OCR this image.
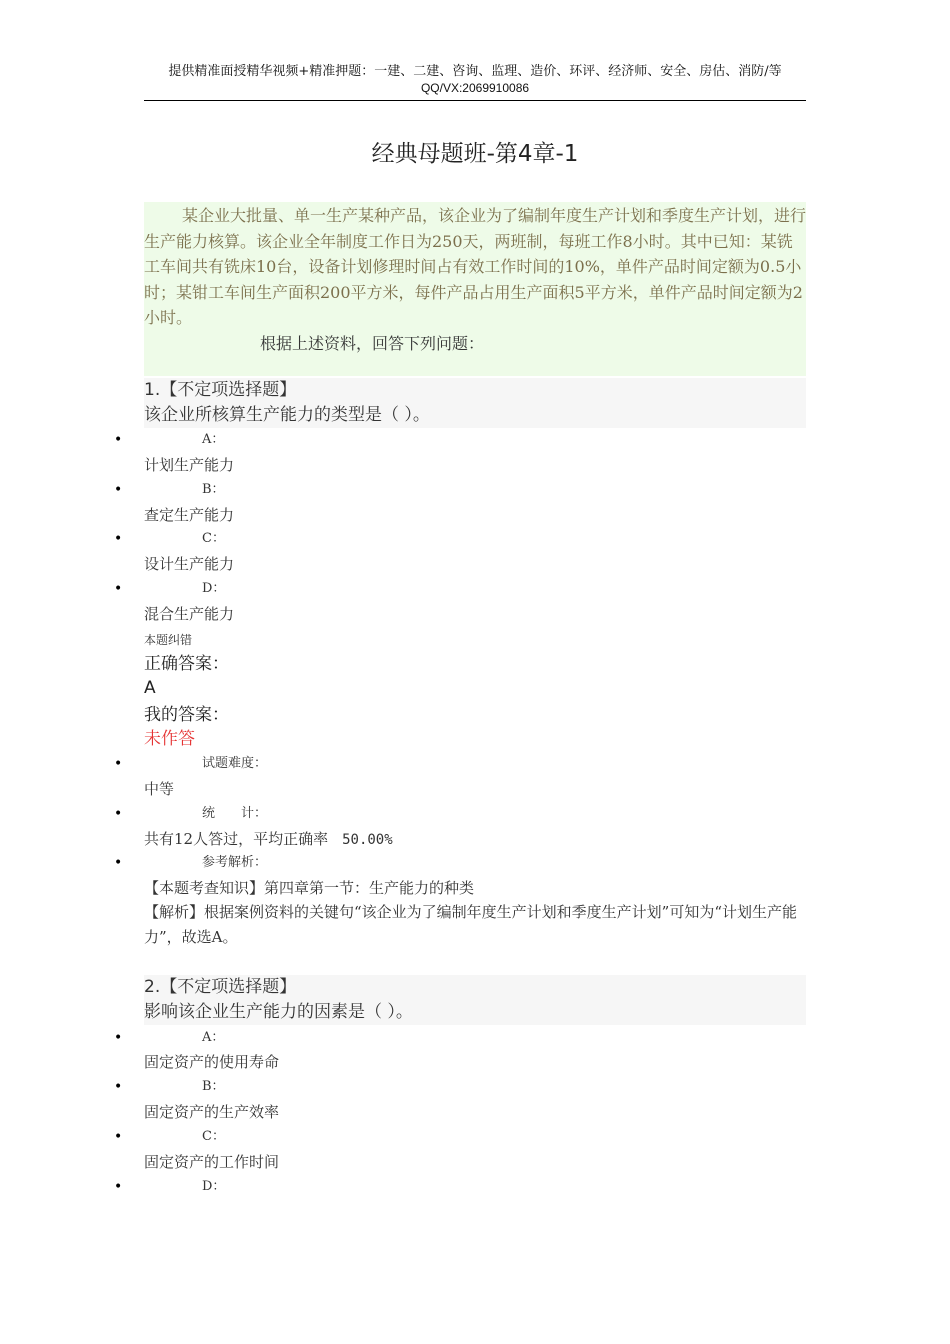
提供精准面授精华视频+精准押题：一建、二建、咨询、监理、造价、环评、经济师、安全、房估、消防/等
QQ/VX:2069910086
经典母题班-第4章-1

某企业大批量、单一生产某种产品，该企业为了编制年度生产计划和季度生产计划，进行生产能力核算。该企业全年制度工作日为250天，两班制，每班工作8小时。其中已知：某铣工车间共有铣床10台，设备计划修理时间占有效工作时间的10%，单件产品时间定额为0.5小时；某钳工车间生产面积200平方米，每件产品占用生产面积5平方米，单件产品时间定额为2小时。

根据上述资料，回答下列问题：

1.【不定项选择题】
该企业所核算生产能力的类型是（ ）。
•	A：
计划生产能力
•	B：
查定生产能力
•	C：
设计生产能力
•	D：
混合生产能力
本题纠错
正确答案：
A
我的答案：
未作答
•	试题难度：
中等
•	统　　计：
共有12人答过，平均正确率 50.00%
•	参考解析：
【本题考查知识】第四章第一节：生产能力的种类
【解析】根据案例资料的关键句“该企业为了编制年度生产计划和季度生产计划”可知为“计划生产能力”，故选A。
2.【不定项选择题】
影响该企业生产能力的因素是（ ）。
•	A：
固定资产的使用寿命
•	B：
固定资产的生产效率
•	C：
固定资产的工作时间
•	D：
